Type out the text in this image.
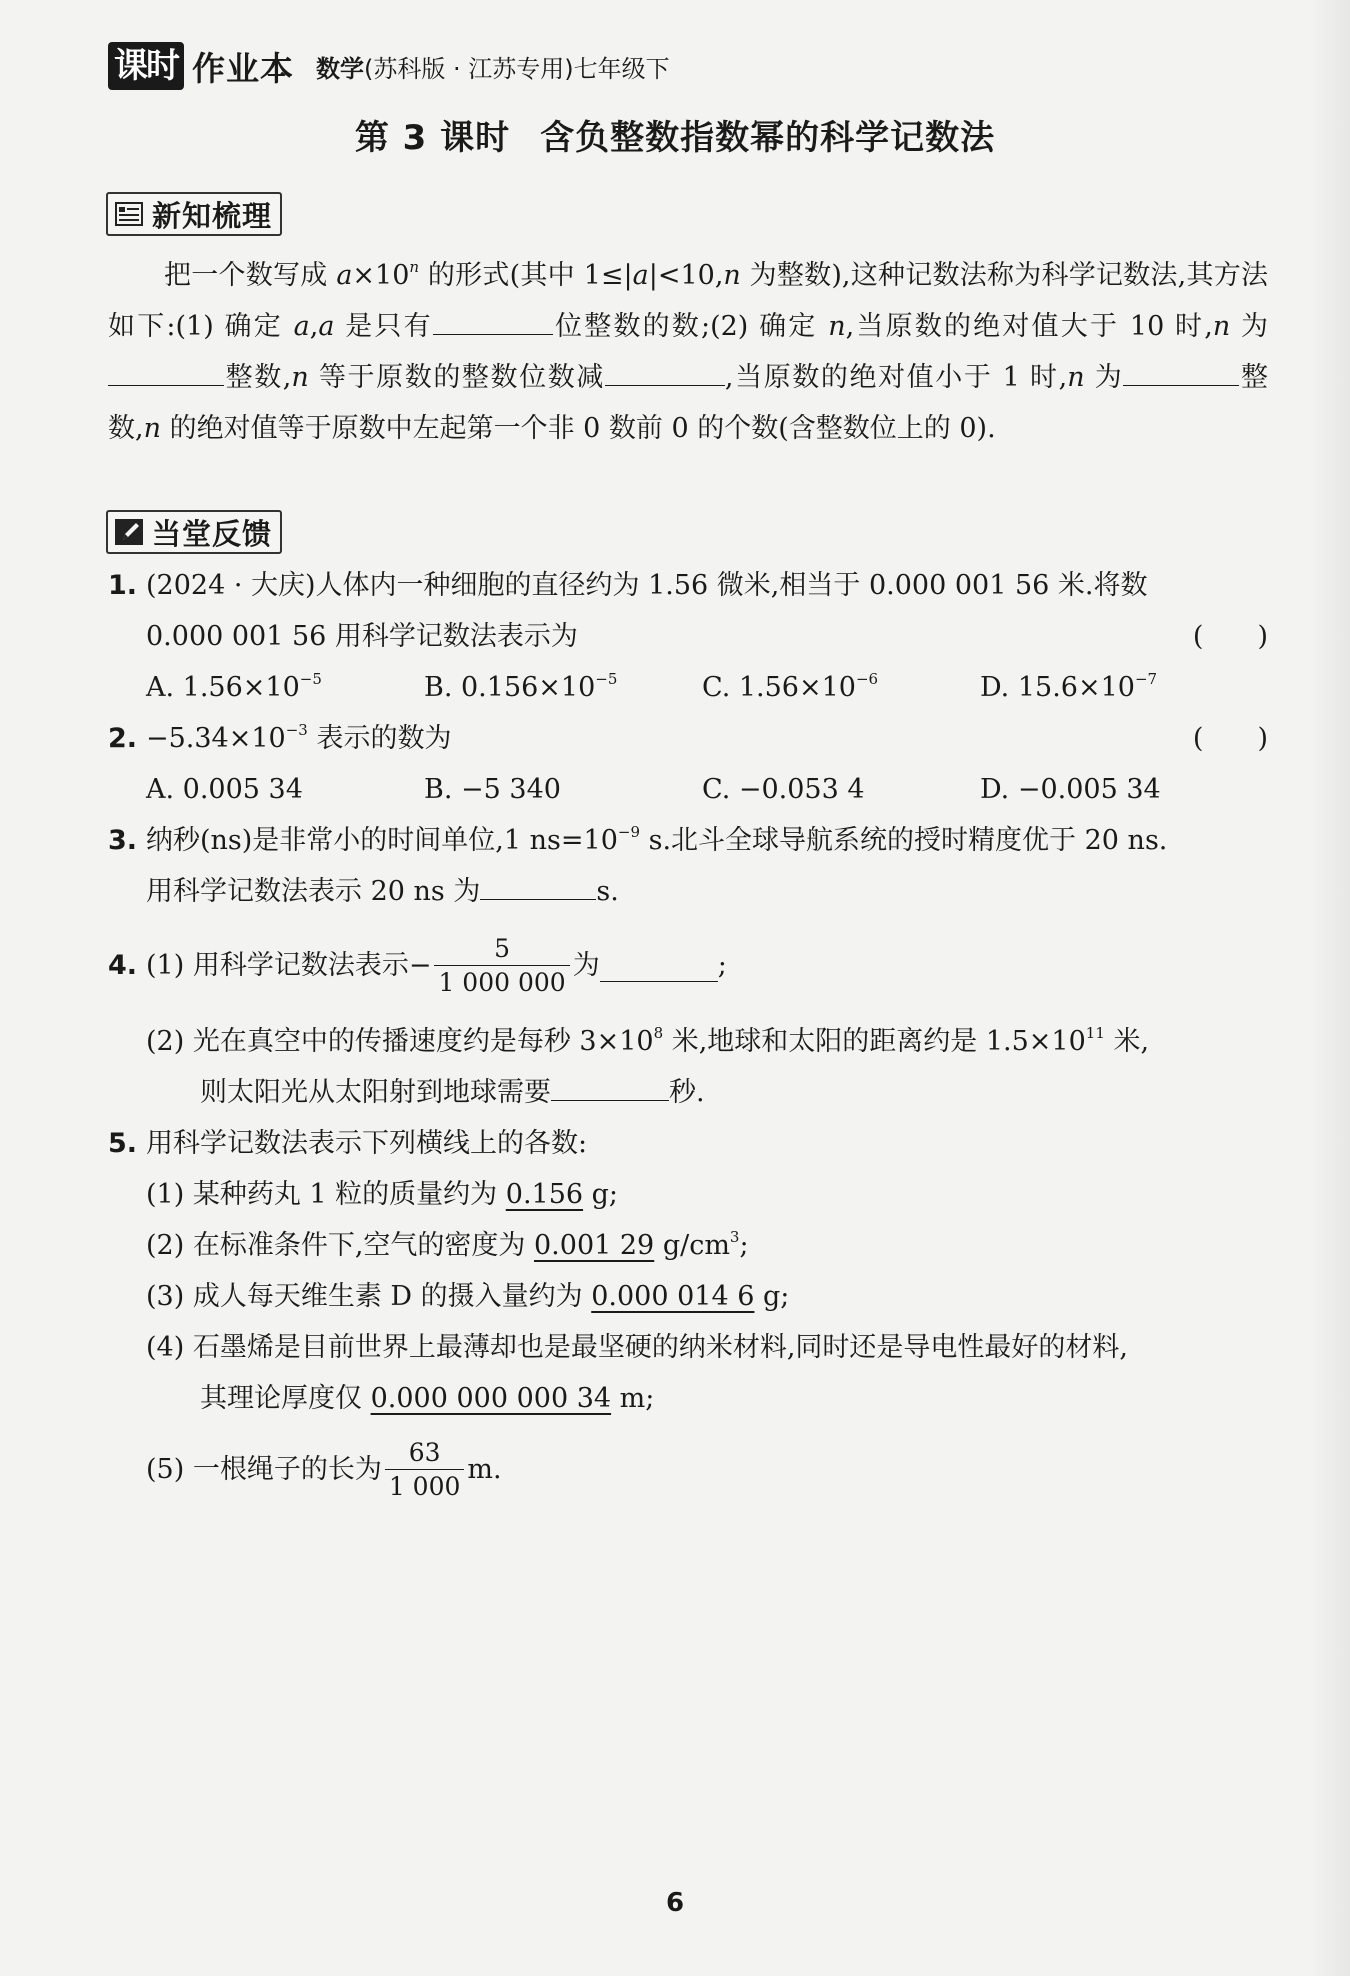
课时 作业本 数学 (苏科版 · 江苏专用)七年级下
第 3 课时 含负整数指数幂的科学记数法
新知梳理
把一个数写成 $a\times 10^n$ 的形式(其中 1≤|a|<10,n 为整数),这种记数法称为科学记数法,其方法如下:(1) 确定 a,a 是只有	位整数的数;(2) 确定 n,当原数的绝对值大于 10 时,n 为整数,n 等于原数的整数位数减	,当原数的绝对值小于 1 时,n 为	整数,n 的绝对值等于原数中左起第一个非 0 数前 0 的个数(含整数位上的 0).
当堂反馈
1. (2024 · 大庆)人体内一种细胞的直径约为 1.56 微米,相当于 0.000 001 56 米.将数
0.000 001 56 用科学记数法表示为	(　　)
A. $1.56\times 10^{-5}$	B. $0.156\times 10^{-5}$	C. $1.56\times 10^{-6}$	D. $15.6\times 10^{-7}$
2. $-5.34\times 10^{-3}$ 表示的数为	(　　)
A. 0.005 34	B. −5 340	C. −0.053 4	D. −0.005 34
3. 纳秒(ns)是非常小的时间单位,1 $ns=10^{-9}$ s.北斗全球导航系统的授时精度优于 20 ns.
用科学记数法表示 20 ns 为	s.
4. (1) 用科学记数法表示− $\frac{5}{1 000 000}$ 为	;
(2) 光在真空中的传播速度约是每秒 $3\times 10^8$ 米,地球和太阳的距离约是 $1.5\times 10^{11}$ 米,
则太阳光从太阳射到地球需要	秒.
5. 用科学记数法表示下列横线上的各数:
(1) 某种药丸 1 粒的质量约为 0.156 g;
(2) 在标准条件下,空气的密度为 0.001 29 $g/cm^3$;
(3) 成人每天维生素 D 的摄入量约为 0.000 014 6 g;
(4) 石墨烯是目前世界上最薄却也是最坚硬的纳米材料,同时还是导电性最好的材料,
其理论厚度仅 0.000 000 000 34 m;
(5) 一根绳子的长为 $\frac{63}{1 000} m$.
6
